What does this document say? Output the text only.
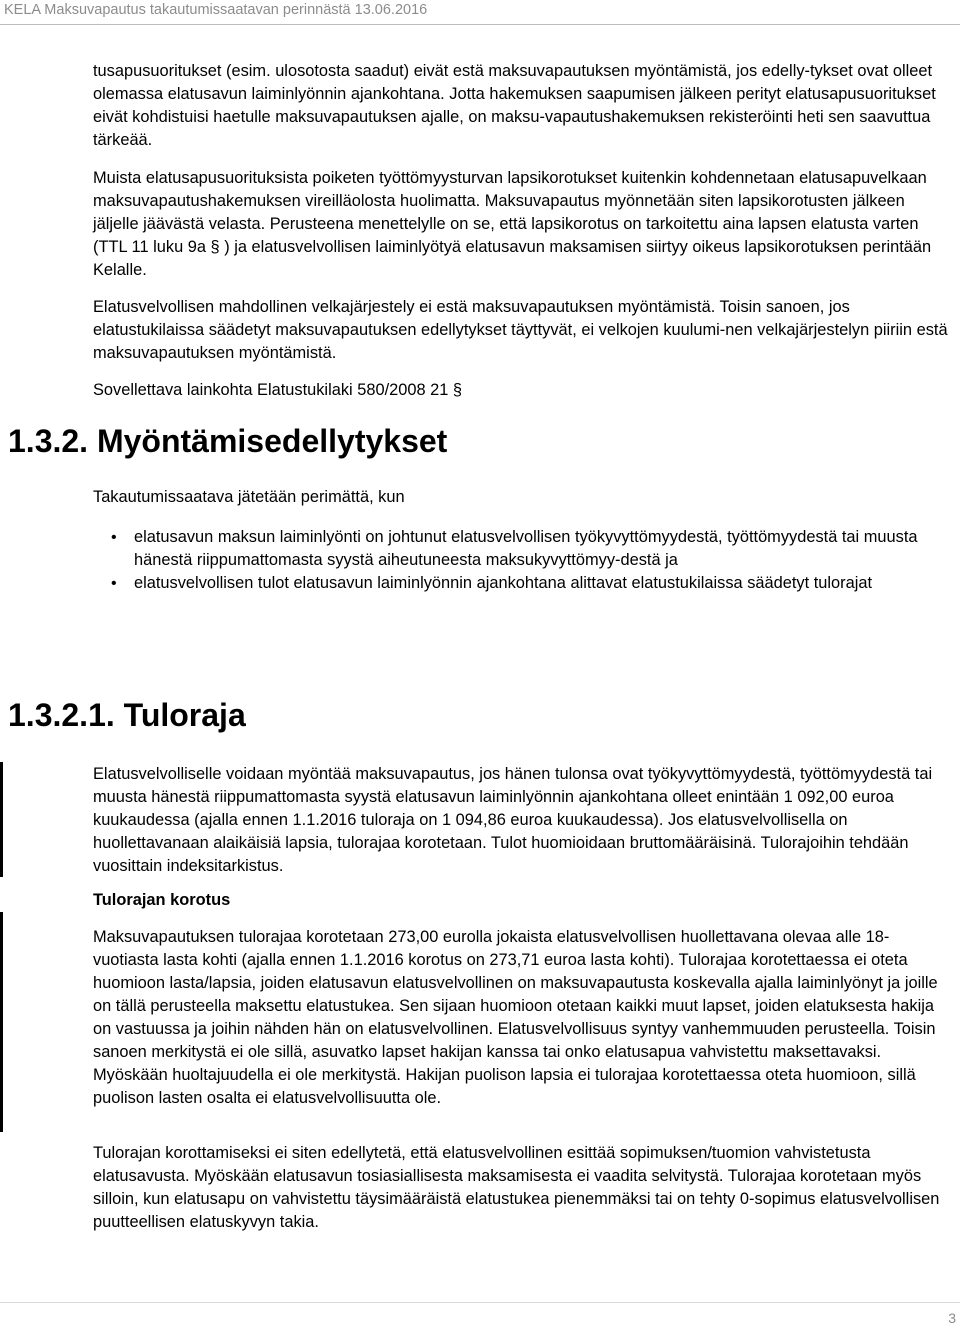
KELA Maksuvapautus takautumissaatavan perinnästä 13.06.2016

tusapusuoritukset (esim. ulosotosta saadut) eivät estä maksuvapautuksen myöntämistä, jos edelly-tykset ovat olleet olemassa elatusavun laiminlyönnin ajankohtana. Jotta hakemuksen saapumisen jälkeen perityt elatusapusuoritukset eivät kohdistuisi haetulle maksuvapautuksen ajalle, on maksu-vapautushakemuksen rekisteröinti heti sen saavuttua tärkeää.

Muista elatusapusuorituksista poiketen työttömyysturvan lapsikorotukset kuitenkin kohdennetaan elatusapuvelkaan maksuvapautushakemuksen vireilläolosta huolimatta. Maksuvapautus myönnetään siten lapsikorotusten jälkeen jäljelle jäävästä velasta. Perusteena menettelylle on se, että lapsikorotus on tarkoitettu aina lapsen elatusta varten (TTL 11 luku 9a § ) ja elatusvelvollisen laiminlyötyä elatusavun maksamisen siirtyy oikeus lapsikorotuksen perintään Kelalle.

Elatusvelvollisen mahdollinen velkajärjestely ei estä maksuvapautuksen myöntämistä. Toisin sanoen, jos elatustukilaissa säädetyt maksuvapautuksen edellytykset täyttyvät, ei velkojen kuulumi-nen velkajärjestelyn piiriin estä maksuvapautuksen myöntämistä.

Sovellettava lainkohta Elatustukilaki 580/2008 21 §

1.3.2. Myöntämisedellytykset

Takautumissaatava jätetään perimättä, kun

• elatusavun maksun laiminlyönti on johtunut elatusvelvollisen työkyvyttömyydestä, työttömyydestä tai muusta hänestä riippumattomasta syystä aiheutuneesta maksukyvyttömyy-destä ja
• elatusvelvollisen tulot elatusavun laiminlyönnin ajankohtana alittavat elatustukilaissa säädetyt tulorajat
1.3.2.1. Tuloraja

Elatusvelvolliselle voidaan myöntää maksuvapautus, jos hänen tulonsa ovat työkyvyttömyydestä, työttömyydestä tai muusta hänestä riippumattomasta syystä elatusavun laiminlyönnin ajankohtana olleet enintään 1 092,00 euroa kuukaudessa (ajalla ennen 1.1.2016 tuloraja on 1 094,86 euroa kuukaudessa). Jos elatusvelvollisella on huollettavanaan alaikäisiä lapsia, tulorajaa korotetaan. Tulot huomioidaan bruttomääräisinä. Tulorajoihin tehdään vuosittain indeksitarkistus.

Tulorajan korotus

Maksuvapautuksen tulorajaa korotetaan 273,00 eurolla jokaista elatusvelvollisen huollettavana olevaa alle 18-vuotiasta lasta kohti (ajalla ennen 1.1.2016 korotus on 273,71 euroa lasta kohti). Tulorajaa korotettaessa ei oteta huomioon lasta/lapsia, joiden elatusavun elatusvelvollinen on maksuvapautusta koskevalla ajalla laiminlyönyt ja joille on tällä perusteella maksettu elatustukea. Sen sijaan huomioon otetaan kaikki muut lapset, joiden elatuksesta hakija on vastuussa ja joihin nähden hän on elatusvelvollinen. Elatusvelvollisuus syntyy vanhemmuuden perusteella. Toisin sanoen merkitystä ei ole sillä, asuvatko lapset hakijan kanssa tai onko elatusapua vahvistettu maksettavaksi. Myöskään huoltajuudella ei ole merkitystä. Hakijan puolison lapsia ei tulorajaa korotettaessa oteta huomioon, sillä puolison lasten osalta ei elatusvelvollisuutta ole.

Tulorajan korottamiseksi ei siten edellytetä, että elatusvelvollinen esittää sopimuksen/tuomion vahvistetusta elatusavusta. Myöskään elatusavun tosiasiallisesta maksamisesta ei vaadita selvitystä. Tulorajaa korotetaan myös silloin, kun elatusapu on vahvistettu täysimääräistä elatustukea pienemmäksi tai on tehty 0-sopimus elatusvelvollisen puutteellisen elatuskyvyn takia.

3
